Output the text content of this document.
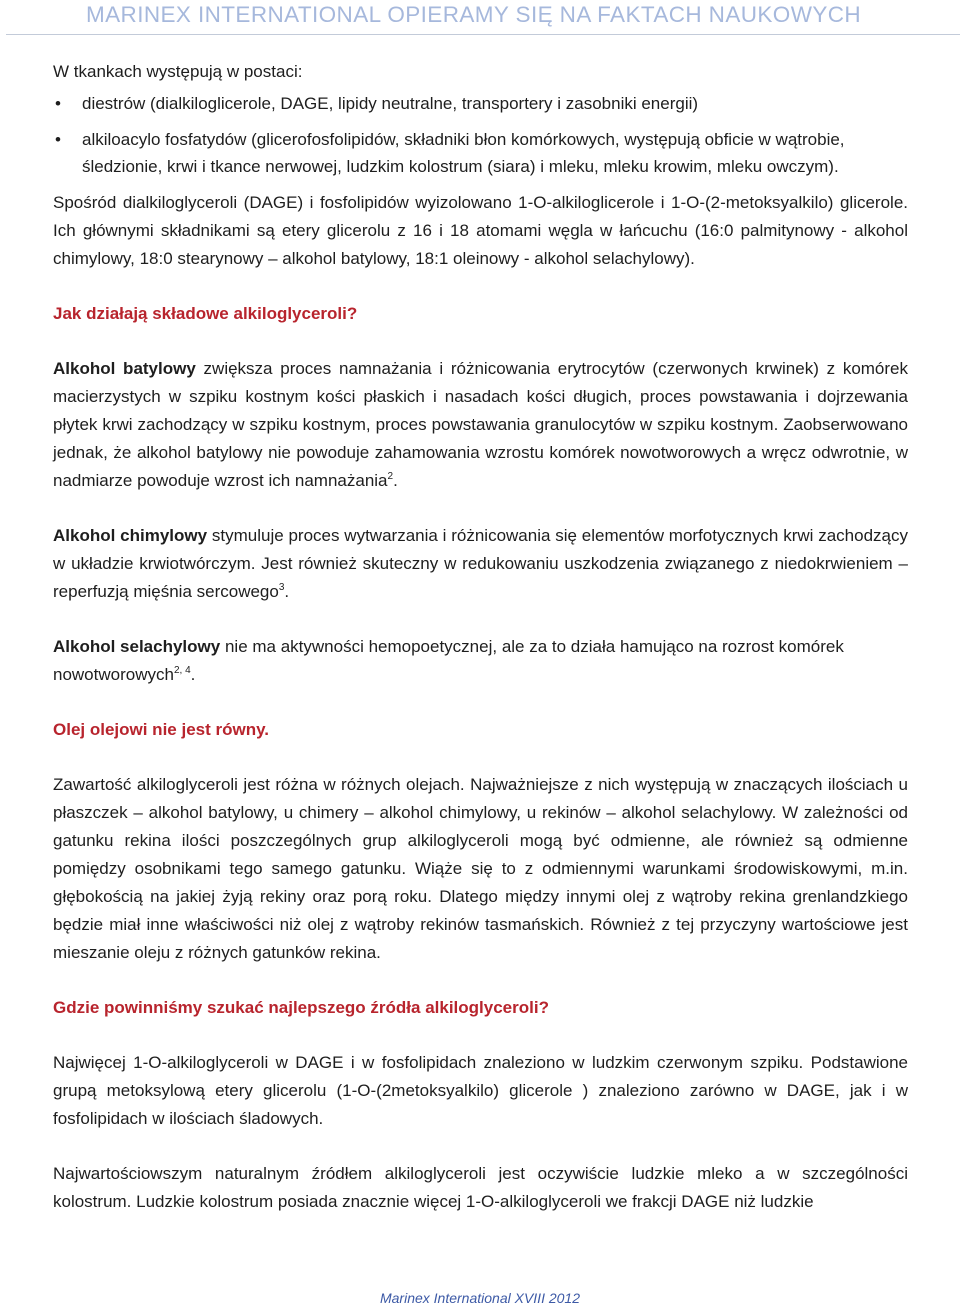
MARINEX INTERNATIONAL OPIERAMY SIĘ NA FAKTACH NAUKOWYCH

W tkankach występują w postaci:

• diestrów (dialkiloglicerole, DAGE, lipidy neutralne, transportery i zasobniki energii)
• alkiloacylo fosfatydów (glicerofosfolipidów, składniki błon komórkowych, występują obficie w wątrobie, śledzionie, krwi i tkance nerwowej, ludzkim kolostrum (siara) i mleku, mleku krowim, mleku owczym).

Spośród dialkiloglyceroli (DAGE) i fosfolipidów wyizolowano 1-O-alkiloglicerole i 1-O-(2-metoksyalkilo) glicerole. Ich głównymi składnikami są etery glicerolu z 16 i 18 atomami węgla w łańcuchu (16:0 palmitynowy - alkohol chimylowy, 18:0 stearynowy – alkohol batylowy, 18:1 oleinowy - alkohol selachylowy).

Jak działają składowe alkiloglyceroli?

Alkohol batylowy zwiększa proces namnażania i różnicowania erytrocytów (czerwonych krwinek) z komórek macierzystych w szpiku kostnym kości płaskich i nasadach kości długich, proces powstawania i dojrzewania płytek krwi zachodzący w szpiku kostnym, proces powstawania granulocytów w szpiku kostnym. Zaobserwowano jednak, że alkohol batylowy nie powoduje zahamowania wzrostu komórek nowotworowych a wręcz odwrotnie, w nadmiarze powoduje wzrost ich namnażania$^2$.

Alkohol chimylowy stymuluje proces wytwarzania i różnicowania się elementów morfotycznych krwi zachodzący w układzie krwiotwórczym. Jest również skuteczny w redukowaniu uszkodzenia związanego z niedokrwieniem – reperfuzją mięśnia sercowego$^3$.

Alkohol selachylowy nie ma aktywności hemopoetycznej, ale za to działa hamująco na rozrost komórek nowotworowych$^{2, 4}$.

Olej olejowi nie jest równy.

Zawartość alkiloglyceroli jest różna w różnych olejach. Najważniejsze z nich występują w znaczących ilościach u płaszczek – alkohol batylowy, u chimery – alkohol chimylowy, u rekinów – alkohol selachylowy. W zależności od gatunku rekina ilości poszczególnych grup alkiloglyceroli mogą być odmienne, ale również są odmienne pomiędzy osobnikami tego samego gatunku. Wiąże się to z odmiennymi warunkami środowiskowymi, m.in. głębokością na jakiej żyją rekiny oraz porą roku. Dlatego między innymi olej z wątroby rekina grenlandzkiego będzie miał inne właściwości niż olej z wątroby rekinów tasmańskich. Również z tej przyczyny wartościowe jest mieszanie oleju z różnych gatunków rekina.

Gdzie powinniśmy szukać najlepszego źródła alkiloglyceroli?

Najwięcej 1-O-alkiloglyceroli w DAGE i w fosfolipidach znaleziono w ludzkim czerwonym szpiku. Podstawione grupą metoksylową etery glicerolu (1-O-(2metoksyalkilo) glicerole ) znaleziono zarówno w DAGE, jak i w fosfolipidach w ilościach śladowych.

Najwartościowszym naturalnym źródłem alkiloglyceroli jest oczywiście ludzkie mleko a w szczególności kolostrum. Ludzkie kolostrum posiada znacznie więcej 1-O-alkiloglyceroli we frakcji DAGE niż ludzkie

Marinex International XVIII 2012
